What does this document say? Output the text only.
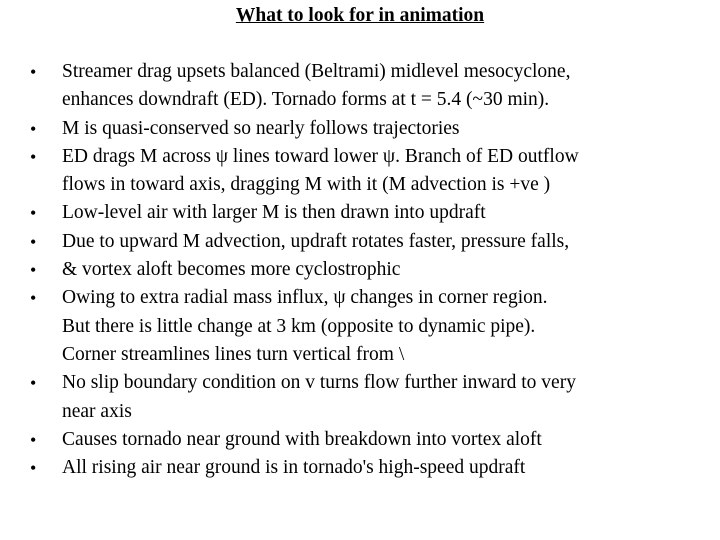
What to look for in animation
• Streamer drag upsets balanced (Beltrami) midlevel mesocyclone,
enhances downdraft (ED). Tornado forms at t = 5.4 (~30 min).
• M is quasi-conserved so nearly follows trajectories
• ED drags M across ψ lines toward lower ψ. Branch of ED outflow
flows in toward axis, dragging M with it (M advection is +ve )
• Low-level air with larger M is then drawn into updraft
• Due to upward M advection, updraft rotates faster, pressure falls,
• & vortex aloft becomes more cyclostrophic
• Owing to extra radial mass influx, ψ changes in corner region.
But there is little change at 3 km (opposite to dynamic pipe).
Corner streamlines lines turn vertical from \
• No slip boundary condition on v turns flow further inward to very
near axis
• Causes tornado near ground with breakdown into vortex aloft
• All rising air near ground is in tornado's high-speed updraft
